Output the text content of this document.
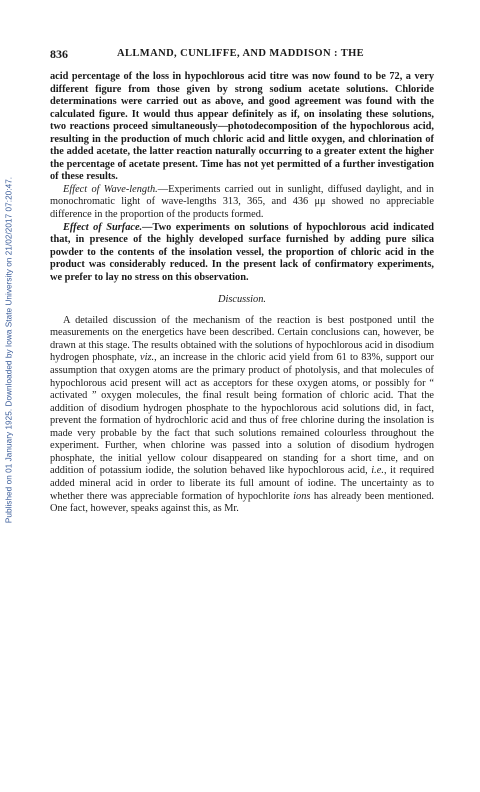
Published on 01 January 1925. Downloaded by Iowa State University on 21/02/2017 07:20:47.
836	ALLMAND, CUNLIFFE, AND MADDISON : THE

acid percentage of the loss in hypochlorous acid titre was now found to be 72, a very different figure from those given by strong sodium acetate solutions. Chloride determinations were carried out as above, and good agreement was found with the calculated figure. It would thus appear definitely as if, on insolating these solutions, two reactions proceed simultaneously—photodecomposition of the hypochlorous acid, resulting in the production of much chloric acid and little oxygen, and chlorination of the added acetate, the latter reaction naturally occurring to a greater extent the higher the percentage of acetate present. Time has not yet permitted of a further investigation of these results.

Effect of Wave-length.—Experiments carried out in sunlight, diffused daylight, and in monochromatic light of wave-lengths 313, 365, and 436 μμ showed no appreciable difference in the proportion of the products formed.

Effect of Surface.—Two experiments on solutions of hypochlorous acid indicated that, in presence of the highly developed surface furnished by adding pure silica powder to the contents of the insolation vessel, the proportion of chloric acid in the product was considerably reduced. In the present lack of confirmatory experiments, we prefer to lay no stress on this observation.

Discussion.

A detailed discussion of the mechanism of the reaction is best postponed until the measurements on the energetics have been described. Certain conclusions can, however, be drawn at this stage. The results obtained with the solutions of hypochlorous acid in disodium hydrogen phosphate, viz., an increase in the chloric acid yield from 61 to 83%, support our assumption that oxygen atoms are the primary product of photolysis, and that molecules of hypochlorous acid present will act as acceptors for these oxygen atoms, or possibly for “ activated ” oxygen molecules, the final result being formation of chloric acid. That the addition of disodium hydrogen phosphate to the hypochlorous acid solutions did, in fact, prevent the formation of hydrochloric acid and thus of free chlorine during the insolation is made very probable by the fact that such solutions remained colourless throughout the experiment. Further, when chlorine was passed into a solution of disodium hydrogen phosphate, the initial yellow colour disappeared on standing for a short time, and on addition of potassium iodide, the solution behaved like hypochlorous acid, i.e., it required added mineral acid in order to liberate its full amount of iodine. The uncertainty as to whether there was appreciable formation of hypochlorite ions has already been mentioned. One fact, however, speaks against this, as Mr.
